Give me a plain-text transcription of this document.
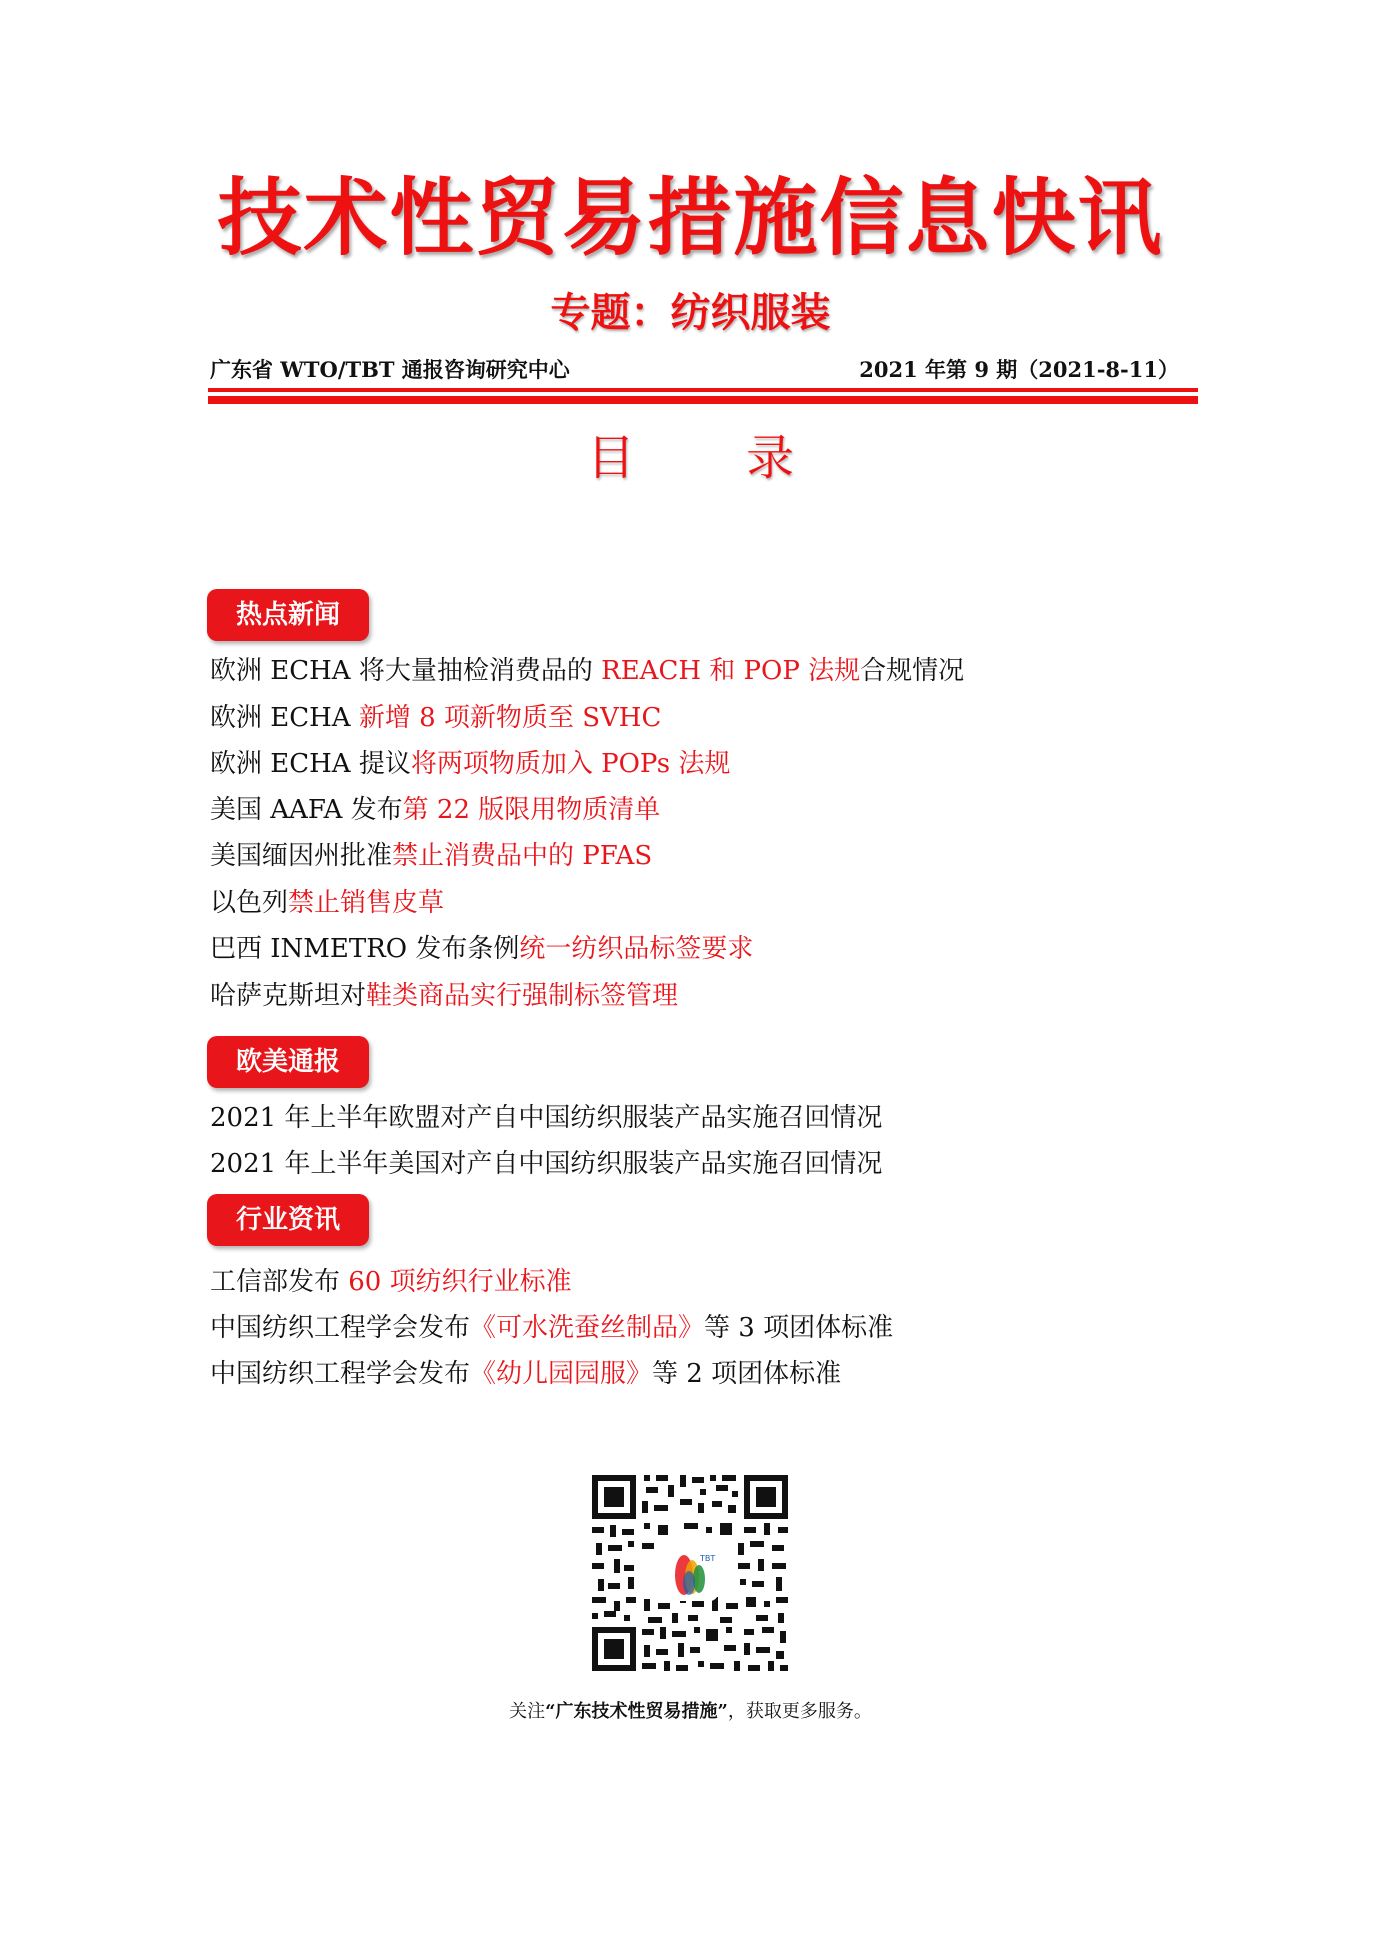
技术性贸易措施信息快讯
专题：纺织服装
广东省 WTO/TBT 通报咨询研究中心	2021 年第 9 期（2021-8-11）
目 录
热点新闻
欧洲 ECHA 将大量抽检消费品的 REACH 和 POP 法规合规情况
欧洲 ECHA 新增 8 项新物质至 SVHC
欧洲 ECHA 提议将两项物质加入 POPs 法规
美国 AAFA 发布第 22 版限用物质清单
美国缅因州批准禁止消费品中的 PFAS
以色列禁止销售皮草
巴西 INMETRO 发布条例统一纺织品标签要求
哈萨克斯坦对鞋类商品实行强制标签管理
欧美通报
2021 年上半年欧盟对产自中国纺织服装产品实施召回情况
2021 年上半年美国对产自中国纺织服装产品实施召回情况
行业资讯
工信部发布 60 项纺织行业标准
中国纺织工程学会发布《可水洗蚕丝制品》等 3 项团体标准
中国纺织工程学会发布《幼儿园园服》等 2 项团体标准
TBT
关注“广东技术性贸易措施”，获取更多服务。
